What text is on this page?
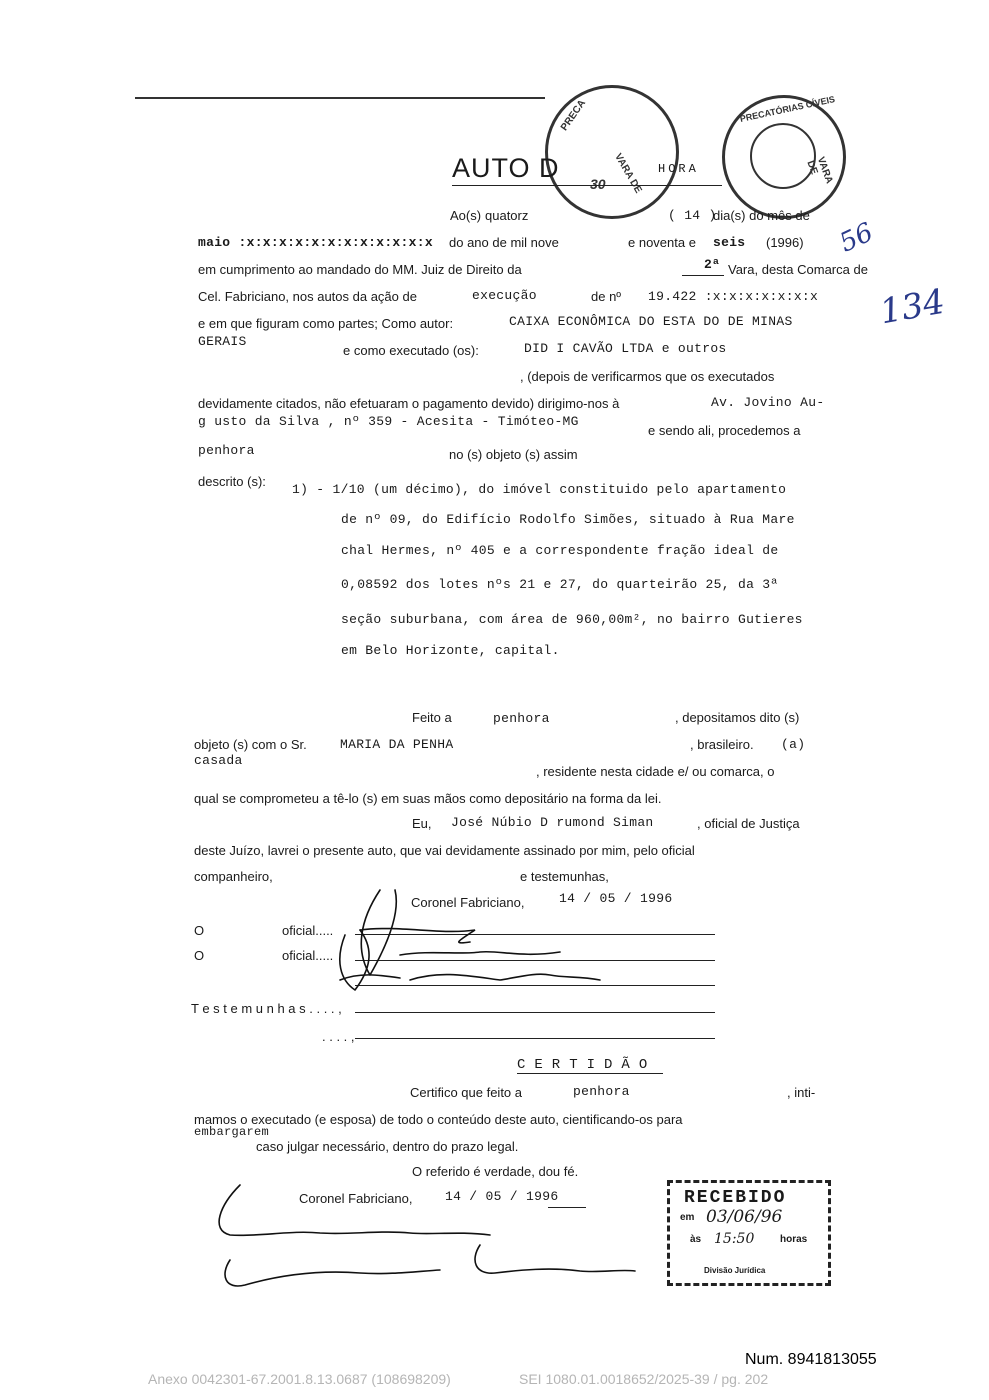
PRECA
VARA DE
30
PRECATÓRIAS CÍVEIS
VARA DE
56
134
AUTO D	HORA
Ao(s) quatorz	( 14 )
dia(s) do mês de
maio :x:x:x:x:x:x:x:x:x:x:x:x do ano de mil nove	e noventa e seis (1996)
em cumprimento ao mandado do MM. Juiz de Direito da	2ª Vara, desta Comarca de
Cel. Fabriciano, nos autos da ação de	execução	de nº 19.422 :x:x:x:x:x:x:x
e em que figuram como partes; Como autor:	CAIXA ECONÔMICA DO ESTA DO DE MINAS
GERAIS
e como executado (os):	DID I CAVÃO LTDA e outros
, (depois de verificarmos que os executados
devidamente citados, não efetuaram o pagamento devido) dirigimo-nos à	Av. Jovino Au-
g usto da Silva , nº 359 - Acesita - Timóteo-MG
e sendo ali, procedemos a
penhora	no (s) objeto (s) assim
descrito (s):
1) - 1/10 (um décimo), do imóvel constituido pelo apartamento
de nº 09, do Edifício Rodolfo Simões, situado à Rua Mare
chal Hermes, nº 405 e a correspondente fração ideal de
0,08592 dos lotes nºs 21 e 27, do quarteirão 25, da 3ª
seção suburbana, com área de 960,00m², no bairro Gutieres
em Belo Horizonte, capital.
Feito a	penhora	, depositamos dito (s)
objeto (s) com o Sr.	MARIA DA PENHA	, brasileiro. (a)
casada
, residente nesta cidade e/ ou comarca, o
qual se comprometeu a tê-lo (s) em suas mãos como depositário na forma da lei.
Eu, José Núbio D rumond Siman	, oficial de Justiça
deste Juízo, lavrei o presente auto, que vai devidamente assinado por mim, pelo oficial
companheiro,	e testemunhas,
Coronel Fabriciano,	14 / 05 / 1996
O	oficial.....
O	oficial.....
T e s t e m u n h a s . . . . ,
. . . . ,
C E R T I D Ã O
Certifico que feito a	penhora	, inti-
mamos o executado (e esposa) de todo o conteúdo deste auto, cientificando-os para
embargarem
caso julgar necessário, dentro do prazo legal.
O referido é verdade, dou fé.
Coronel Fabriciano,	14 / 05 / 1996	RECEBIDO
em 03/06/96
às 15:50	horas
Divisão Jurídica
Num. 8941813055
Anexo 0042301-67.2001.8.13.0687 (108698209)	SEI 1080.01.0018652/2025-39 / pg. 202
